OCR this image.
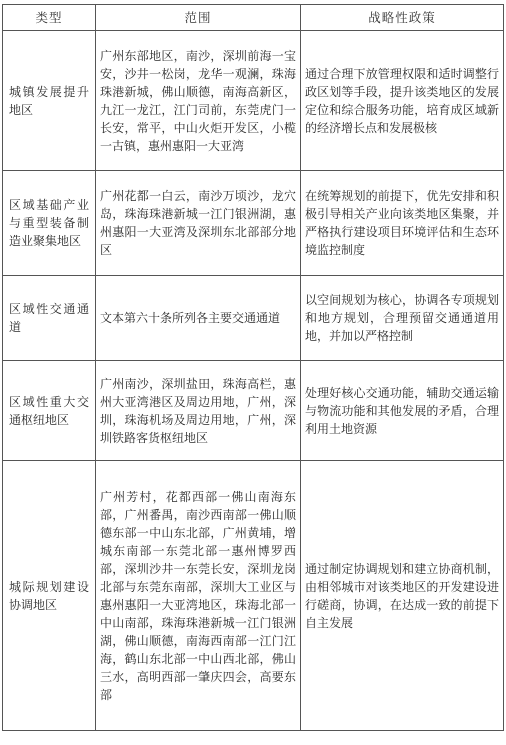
类型	范围	战略性政策
城镇发展提升地区	广州东部地区，南沙，深圳前海一宝安，沙井一松岗，龙华一观澜，珠海珠港新城，佛山顺德，南海高新区，九江一龙江，江门司前，东莞虎门一长安，常平，中山火炬开发区，小榄一古镇，惠州惠阳一大亚湾	通过合理下放管理权限和适时调整行政区划等手段，提升该类地区的发展定位和综合服务功能，培育成区域新的经济增长点和发展极核
区域基础产业与重型装备制造业聚集地区	广州花都一白云，南沙万顷沙，龙穴岛，珠海珠港新城一江门银洲湖，惠州惠阳一大亚湾及深圳东北部部分地区	在统筹规划的前提下，优先安排和积极引导相关产业向该类地区集聚，并严格执行建设项目环境评估和生态环境监控制度
区域性交通通道	文本第六十条所列各主要交通通道	以空间规划为核心，协调各专项规划和地方规划，合理预留交通通道用地，并加以严格控制
区域性重大交通枢纽地区	广州南沙，深圳盐田，珠海高栏，惠州大亚湾港区及周边用地，广州，深圳，珠海机场及周边用地，广州，深圳铁路客货枢纽地区	处理好核心交通功能，辅助交通运输与物流功能和其他发展的矛盾，合理利用土地资源
城际规划建设协调地区	广州芳村，花都西部一佛山南海东部，广州番禺，南沙西南部一佛山顺德东部一中山东北部，广州黄埔，增城东南部一东莞北部一惠州博罗西部，深圳沙井一东莞长安，深圳龙岗北部与东莞东南部，深圳大工业区与惠州惠阳一大亚湾地区，珠海北部一中山南部，珠海珠港新城一江门银洲湖，佛山顺德，南海西南部一江门江海，鹤山东北部一中山西北部，佛山三水，高明西部一肇庆四会，高要东部	通过制定协调规划和建立协商机制，由相邻城市对该类地区的开发建设进行磋商，协调，在达成一致的前提下自主发展
